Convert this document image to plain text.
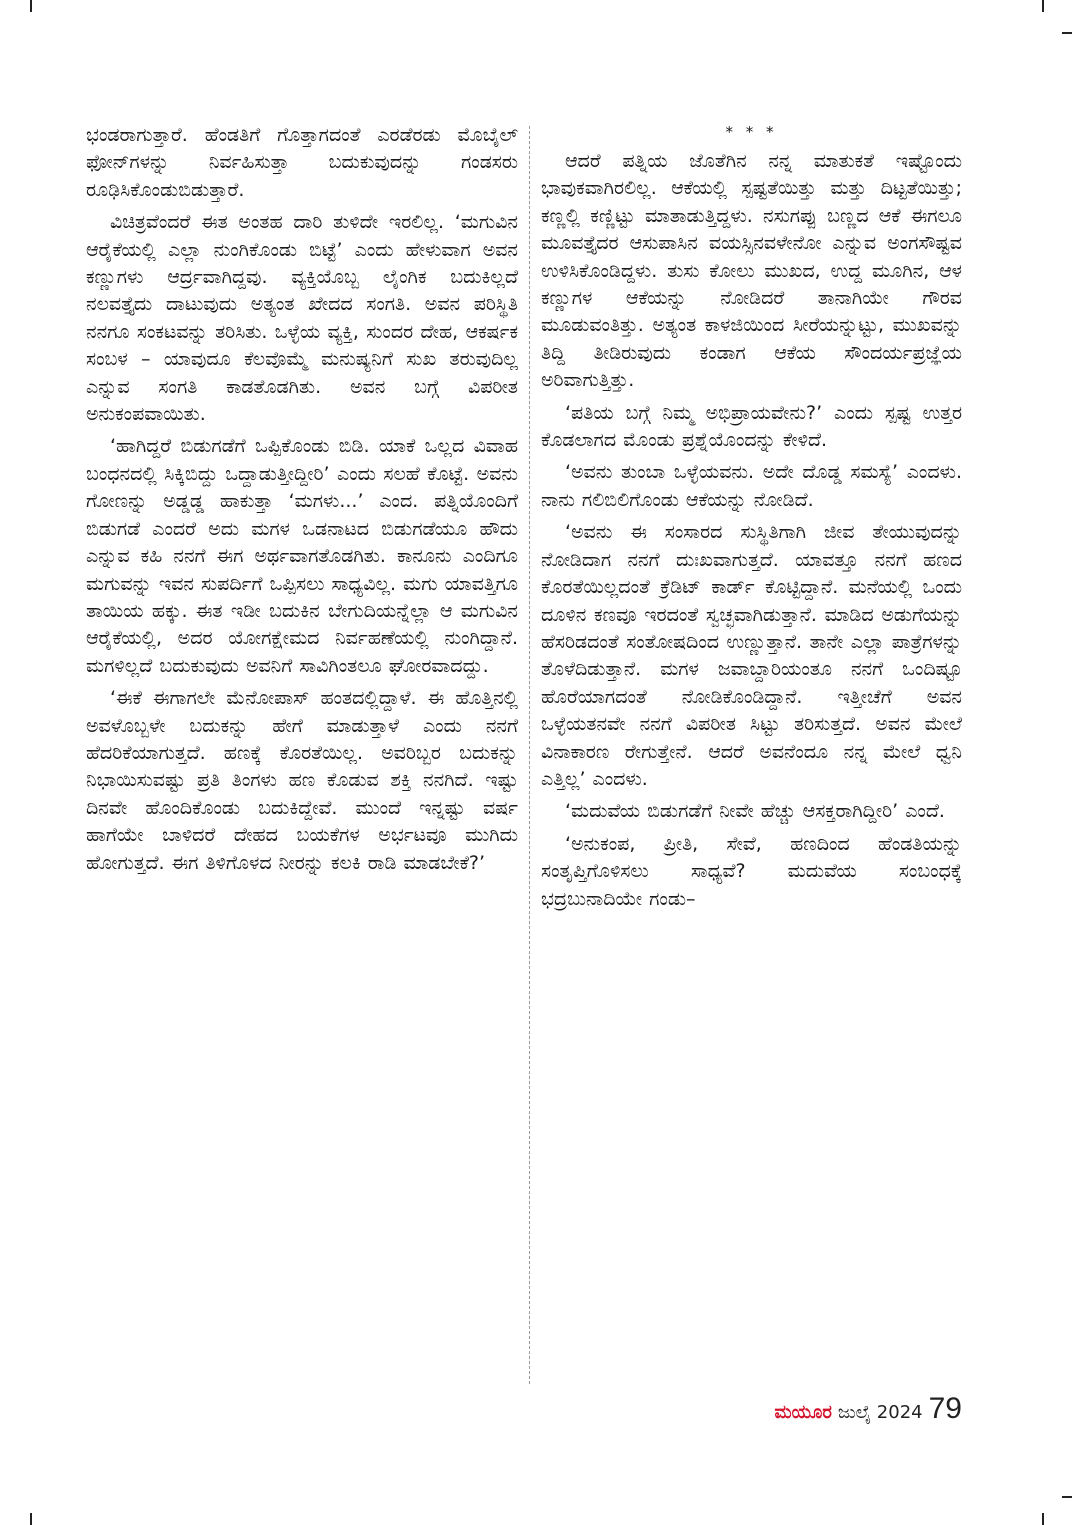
ಭಂಡರಾಗುತ್ತಾರೆ. ಹೆಂಡತಿಗೆ ಗೊತ್ತಾಗದಂತೆ ಎರಡೆರಡು ಮೊಬೈಲ್ ಫೋನ್‌ಗಳನ್ನು ನಿರ್ವಹಿಸುತ್ತಾ ಬದುಕುವುದನ್ನು ಗಂಡಸರು ರೂಢಿಸಿಕೊಂಡುಬಿಡುತ್ತಾರೆ.

ವಿಚಿತ್ರವೆಂದರೆ ಈತ ಅಂತಹ ದಾರಿ ತುಳಿದೇ ಇರಲಿಲ್ಲ. ‘ಮಗುವಿನ ಆರೈಕೆಯಲ್ಲಿ ಎಲ್ಲಾ ನುಂಗಿಕೊಂಡು ಬಿಟ್ಟೆ’ ಎಂದು ಹೇಳುವಾಗ ಅವನ ಕಣ್ಣುಗಳು ಆರ್ದ್ರವಾಗಿದ್ದವು. ವ್ಯಕ್ತಿಯೊಬ್ಬ ಲೈಂಗಿಕ ಬದುಕಿಲ್ಲದೆ ನಲವತ್ತೈದು ದಾಟುವುದು ಅತ್ಯಂತ ಖೇದದ ಸಂಗತಿ. ಅವನ ಪರಿಸ್ಥಿತಿ ನನಗೂ ಸಂಕಟವನ್ನು ತರಿಸಿತು. ಒಳ್ಳೆಯ ವ್ಯಕ್ತಿ, ಸುಂದರ ದೇಹ, ಆಕರ್ಷಕ ಸಂಬಳ – ಯಾವುದೂ ಕೆಲವೊಮ್ಮೆ ಮನುಷ್ಯನಿಗೆ ಸುಖ ತರುವುದಿಲ್ಲ ಎನ್ನುವ ಸಂಗತಿ ಕಾಡತೊಡಗಿತು. ಅವನ ಬಗ್ಗೆ ವಿಪರೀತ ಅನುಕಂಪವಾಯಿತು.

‘ಹಾಗಿದ್ದರೆ ಬಿಡುಗಡೆಗೆ ಒಪ್ಪಿಕೊಂಡು ಬಿಡಿ. ಯಾಕೆ ಒಲ್ಲದ ವಿವಾಹ ಬಂಧನದಲ್ಲಿ ಸಿಕ್ಕಿಬಿದ್ದು ಒದ್ದಾಡುತ್ತೀದ್ದೀರಿ’ ಎಂದು ಸಲಹೆ ಕೊಟ್ಟೆ. ಅವನು ಗೋಣನ್ನು ಅಡ್ಡಡ್ಡ ಹಾಕುತ್ತಾ ‘ಮಗಳು...’ ಎಂದ. ಪತ್ನಿಯೊಂದಿಗೆ ಬಿಡುಗಡೆ ಎಂದರೆ ಅದು ಮಗಳ ಒಡನಾಟದ ಬಿಡುಗಡೆಯೂ ಹೌದು ಎನ್ನುವ ಕಹಿ ನನಗೆ ಈಗ ಅರ್ಥವಾಗತೊಡಗಿತು. ಕಾನೂನು ಎಂದಿಗೂ ಮಗುವನ್ನು ಇವನ ಸುಪರ್ದಿಗೆ ಒಪ್ಪಿಸಲು ಸಾಧ್ಯವಿಲ್ಲ. ಮಗು ಯಾವತ್ತಿಗೂ ತಾಯಿಯ ಹಕ್ಕು. ಈತ ಇಡೀ ಬದುಕಿನ ಬೇಗುದಿಯನ್ನೆಲ್ಲಾ ಆ ಮಗುವಿನ ಆರೈಕೆಯಲ್ಲಿ, ಅದರ ಯೋಗಕ್ಷೇಮದ ನಿರ್ವಹಣೆಯಲ್ಲಿ ನುಂಗಿದ್ದಾನೆ. ಮಗಳಿಲ್ಲದೆ ಬದುಕುವುದು ಅವನಿಗೆ ಸಾವಿಗಿಂತಲೂ ಘೋರವಾದದ್ದು.

‘ಈಕೆ ಈಗಾಗಲೇ ಮೆನೋಪಾಸ್ ಹಂತದಲ್ಲಿದ್ದಾಳೆ. ಈ ಹೊತ್ತಿನಲ್ಲಿ ಅವಳೊಬ್ಬಳೇ ಬದುಕನ್ನು ಹೇಗೆ ಮಾಡುತ್ತಾಳೆ ಎಂದು ನನಗೆ ಹೆದರಿಕೆಯಾಗುತ್ತದೆ. ಹಣಕ್ಕೆ ಕೊರತೆಯಿಲ್ಲ. ಅವರಿಬ್ಬರ ಬದುಕನ್ನು ನಿಭಾಯಿಸುವಷ್ಟು ಪ್ರತಿ ತಿಂಗಳು ಹಣ ಕೊಡುವ ಶಕ್ತಿ ನನಗಿದೆ. ಇಷ್ಟು ದಿನವೇ ಹೊಂದಿಕೊಂಡು ಬದುಕಿದ್ದೇವೆ. ಮುಂದೆ ಇನ್ನಷ್ಟು ವರ್ಷ ಹಾಗೆಯೇ ಬಾಳಿದರೆ ದೇಹದ ಬಯಕೆಗಳ ಅರ್ಭಟವೂ ಮುಗಿದು ಹೋಗುತ್ತದೆ. ಈಗ ತಿಳಿಗೊಳದ ನೀರನ್ನು ಕಲಕಿ ರಾಡಿ ಮಾಡಬೇಕೆ?’

* * *

ಆದರೆ ಪತ್ನಿಯ ಜೊತೆಗಿನ ನನ್ನ ಮಾತುಕತೆ ಇಷ್ಟೊಂದು ಭಾವುಕವಾಗಿರಲಿಲ್ಲ. ಆಕೆಯಲ್ಲಿ ಸ್ಪಷ್ಟತೆಯಿತ್ತು ಮತ್ತು ದಿಟ್ಟತೆಯಿತ್ತು; ಕಣ್ಣಲ್ಲಿ ಕಣ್ಣಿಟ್ಟು ಮಾತಾಡುತ್ತಿದ್ದಳು. ನಸುಗಪ್ಪು ಬಣ್ಣದ ಆಕೆ ಈಗಲೂ ಮೂವತ್ತೈದರ ಆಸುಪಾಸಿನ ವಯಸ್ಸಿನವಳೇನೋ ಎನ್ನುವ ಅಂಗಸೌಷ್ಟವ ಉಳಿಸಿಕೊಂಡಿದ್ದಳು. ತುಸು ಕೋಲು ಮುಖದ, ಉದ್ದ ಮೂಗಿನ, ಆಳ ಕಣ್ಣುಗಳ ಆಕೆಯನ್ನು ನೋಡಿದರೆ ತಾನಾಗಿಯೇ ಗೌರವ ಮೂಡುವಂತಿತ್ತು. ಅತ್ಯಂತ ಕಾಳಜಿಯಿಂದ ಸೀರೆಯನ್ನುಟ್ಟು, ಮುಖವನ್ನು ತಿದ್ದಿ ತೀಡಿರುವುದು ಕಂಡಾಗ ಆಕೆಯ ಸೌಂದರ್ಯಪ್ರಜ್ಞೆಯ ಅರಿವಾಗುತ್ತಿತ್ತು.

‘ಪತಿಯ ಬಗ್ಗೆ ನಿಮ್ಮ ಅಭಿಪ್ರಾಯವೇನು?’ ಎಂದು ಸ್ಪಷ್ಟ ಉತ್ತರ ಕೊಡಲಾಗದ ಮೊಂಡು ಪ್ರಶ್ನೆಯೊಂದನ್ನು ಕೇಳಿದೆ.

‘ಅವನು ತುಂಬಾ ಒಳ್ಳೆಯವನು. ಅದೇ ದೊಡ್ಡ ಸಮಸ್ಯೆ’ ಎಂದಳು. ನಾನು ಗಲಿಬಿಲಿಗೊಂಡು ಆಕೆಯನ್ನು ನೋಡಿದೆ.

‘ಅವನು ಈ ಸಂಸಾರದ ಸುಸ್ಥಿತಿಗಾಗಿ ಜೀವ ತೇಯುವುದನ್ನು ನೋಡಿದಾಗ ನನಗೆ ದುಃಖವಾಗುತ್ತದೆ. ಯಾವತ್ತೂ ನನಗೆ ಹಣದ ಕೊರತೆಯಿಲ್ಲದಂತೆ ಕ್ರೆಡಿಟ್ ಕಾರ್ಡ್ ಕೊಟ್ಟಿದ್ದಾನೆ. ಮನೆಯಲ್ಲಿ ಒಂದು ದೂಳಿನ ಕಣವೂ ಇರದಂತೆ ಸ್ವಚ್ಛವಾಗಿಡುತ್ತಾನೆ. ಮಾಡಿದ ಅಡುಗೆಯನ್ನು ಹೆಸರಿಡದಂತೆ ಸಂತೋಷದಿಂದ ಉಣ್ಣುತ್ತಾನೆ. ತಾನೇ ಎಲ್ಲಾ ಪಾತ್ರೆಗಳನ್ನು ತೊಳೆದಿಡುತ್ತಾನೆ. ಮಗಳ ಜವಾಬ್ದಾರಿಯಂತೂ ನನಗೆ ಒಂದಿಷ್ಟೂ ಹೊರೆಯಾಗದಂತೆ ನೋಡಿಕೊಂಡಿದ್ದಾನೆ. ಇತ್ತೀಚೆಗೆ ಅವನ ಒಳ್ಳೆಯತನವೇ ನನಗೆ ವಿಪರೀತ ಸಿಟ್ಟು ತರಿಸುತ್ತದೆ. ಅವನ ಮೇಲೆ ವಿನಾಕಾರಣ ರೇಗುತ್ತೇನೆ. ಆದರೆ ಅವನೆಂದೂ ನನ್ನ ಮೇಲೆ ಧ್ವನಿ ಎತ್ತಿಲ್ಲ’ ಎಂದಳು.

‘ಮದುವೆಯ ಬಿಡುಗಡೆಗೆ ನೀವೇ ಹೆಚ್ಚು ಆಸಕ್ತರಾಗಿದ್ದೀರಿ’ ಎಂದೆ.

‘ಅನುಕಂಪ, ಪ್ರೀತಿ, ಸೇವೆ, ಹಣದಿಂದ ಹೆಂಡತಿಯನ್ನು ಸಂತೃಪ್ತಿಗೊಳಿಸಲು ಸಾಧ್ಯವೆ? ಮದುವೆಯ ಸಂಬಂಧಕ್ಕೆ ಭದ್ರಬುನಾದಿಯೇ ಗಂಡು–

ಮಯೂರ ಜುಲೈ 2024 79
